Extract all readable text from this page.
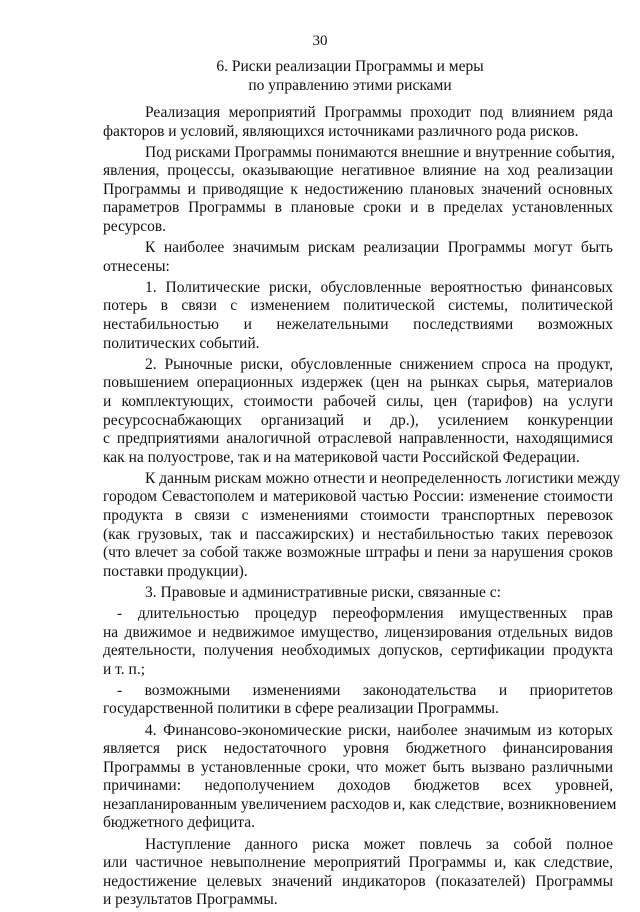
30
6. Риски реализации Программы и меры
по управлению этими рисками
Реализация мероприятий Программы проходит под влиянием ряда
факторов и условий, являющихся источниками различного рода рисков.
Под рисками Программы понимаются внешние и внутренние события,
явления, процессы, оказывающие негативное влияние на ход реализации
Программы и приводящие к недостижению плановых значений основных
параметров Программы в плановые сроки и в пределах установленных
ресурсов.
К наиболее значимым рискам реализации Программы могут быть
отнесены:
1. Политические риски, обусловленные вероятностью финансовых
потерь в связи с изменением политической системы, политической
нестабильностью и нежелательными последствиями возможных
политических событий.
2. Рыночные риски, обусловленные снижением спроса на продукт,
повышением операционных издержек (цен на рынках сырья, материалов
и комплектующих, стоимости рабочей силы, цен (тарифов) на услуги
ресурсоснабжающих организаций и др.), усилением конкуренции
с предприятиями аналогичной отраслевой направленности, находящимися
как на полуострове, так и на материковой части Российской Федерации.
К данным рискам можно отнести и неопределенность логистики между
городом Севастополем и материковой частью России: изменение стоимости
продукта в связи с изменениями стоимости транспортных перевозок
(как грузовых, так и пассажирских) и нестабильностью таких перевозок
(что влечет за собой также возможные штрафы и пени за нарушения сроков
поставки продукции).
3. Правовые и административные риски, связанные с:
- длительностью процедур переоформления имущественных прав
на движимое и недвижимое имущество, лицензирования отдельных видов
деятельности, получения необходимых допусков, сертификации продукта
и т. п.;
- возможными изменениями законодательства и приоритетов
государственной политики в сфере реализации Программы.
4. Финансово-экономические риски, наиболее значимым из которых
является риск недостаточного уровня бюджетного финансирования
Программы в установленные сроки, что может быть вызвано различными
причинами: недополучением доходов бюджетов всех уровней,
незапланированным увеличением расходов и, как следствие, возникновением
бюджетного дефицита.
Наступление данного риска может повлечь за собой полное
или частичное невыполнение мероприятий Программы и, как следствие,
недостижение целевых значений индикаторов (показателей) Программы
и результатов Программы.
